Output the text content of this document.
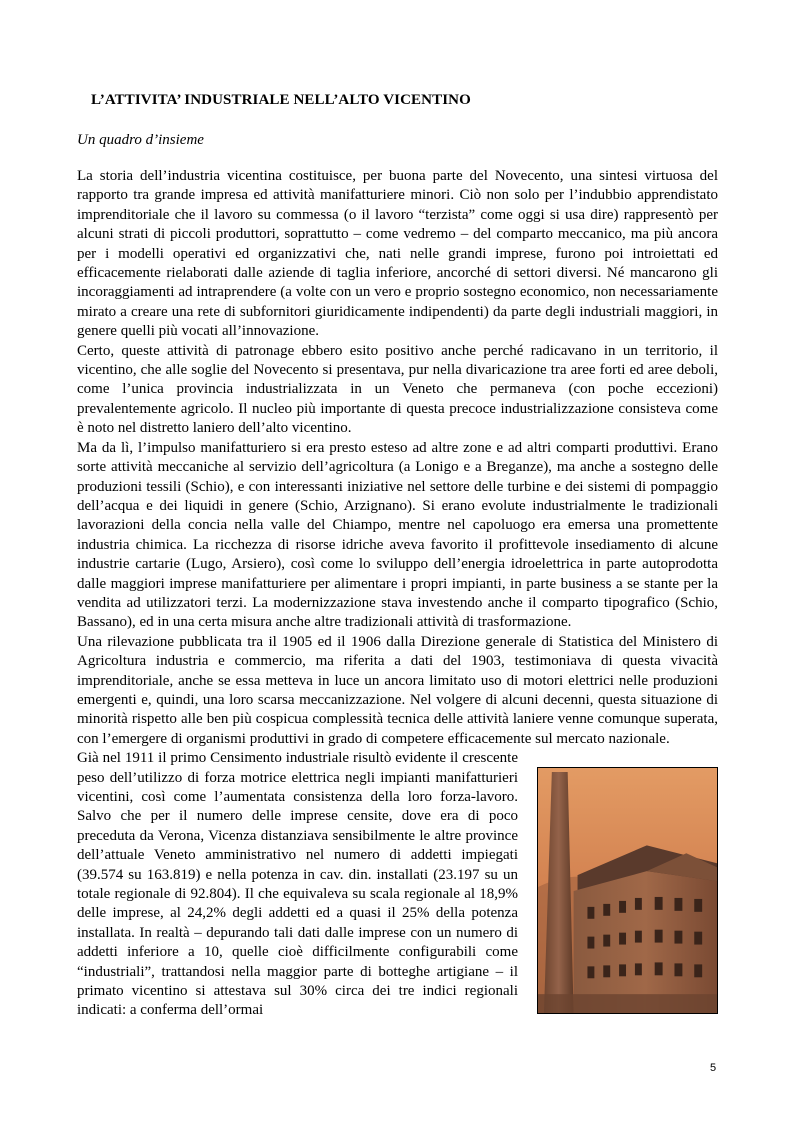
L’ATTIVITA’ INDUSTRIALE NELL’ALTO VICENTINO
Un quadro d’insieme

La storia dell’industria vicentina costituisce, per buona parte del Novecento, una sintesi virtuosa del rapporto tra grande impresa ed attività manifatturiere minori. Ciò non solo per l’indubbio apprendistato imprenditoriale che il lavoro su commessa (o il lavoro “terzista” come oggi si usa dire) rappresentò per alcuni strati di piccoli produttori, soprattutto – come vedremo – del comparto meccanico, ma più ancora per i modelli operativi ed organizzativi che, nati nelle grandi imprese, furono poi introiettati ed efficacemente rielaborati dalle aziende di taglia inferiore, ancorché di settori diversi. Né mancarono gli incoraggiamenti ad intraprendere (a volte con un vero e proprio sostegno economico, non necessariamente mirato a creare una rete di subfornitori giuridicamente indipendenti) da parte degli industriali maggiori, in genere quelli più vocati all’innovazione.

Certo, queste attività di patronage ebbero esito positivo anche perché radicavano in un territorio, il vicentino, che alle soglie del Novecento si presentava, pur nella divaricazione tra aree forti ed aree deboli, come l’unica provincia industrializzata in un Veneto che permaneva (con poche eccezioni) prevalentemente agricolo. Il nucleo più importante di questa precoce industrializzazione consisteva come è noto nel distretto laniero dell’alto vicentino.

Ma da lì, l’impulso manifatturiero si era presto esteso ad altre zone e ad altri comparti produttivi. Erano sorte attività meccaniche al servizio dell’agricoltura (a Lonigo e a Breganze), ma anche a sostegno delle produzioni tessili (Schio), e con interessanti iniziative nel settore delle turbine e dei sistemi di pompaggio dell’acqua e dei liquidi in genere (Schio, Arzignano). Si erano evolute industrialmente le tradizionali lavorazioni della concia nella valle del Chiampo, mentre nel capoluogo era emersa una promettente industria chimica. La ricchezza di risorse idriche aveva favorito il profittevole insediamento di alcune industrie cartarie (Lugo, Arsiero), così come lo sviluppo dell’energia idroelettrica in parte autoprodotta dalle maggiori imprese manifatturiere per alimentare i propri impianti, in parte business a se stante per la vendita ad utilizzatori terzi. La modernizzazione stava investendo anche il comparto tipografico (Schio, Bassano), ed in una certa misura anche altre tradizionali attività di trasformazione.

Una rilevazione pubblicata tra il 1905 ed il 1906 dalla Direzione generale di Statistica del Ministero di Agricoltura industria e commercio, ma riferita a dati del 1903, testimoniava di questa vivacità imprenditoriale, anche se essa metteva in luce un ancora limitato uso di motori elettrici nelle produzioni emergenti e, quindi, una loro scarsa meccanizzazione. Nel volgere di alcuni decenni, questa situazione di minorità rispetto alle ben più cospicua complessità tecnica delle attività laniere venne comunque superata, con l’emergere di organismi produttivi in grado di competere efficacemente sul mercato nazionale.

Già nel 1911 il primo Censimento industriale risultò evidente il crescente peso dell’utilizzo di forza motrice elettrica negli impianti manifatturieri vicentini, così come l’aumentata consistenza della loro forza-lavoro. Salvo che per il numero delle imprese censite, dove era di poco preceduta da Verona, Vicenza distanziava sensibilmente le altre province dell’attuale Veneto amministrativo nel numero di addetti impiegati (39.574 su 163.819) e nella potenza in cav. din. installati (23.197 su un totale regionale di 92.804). Il che equivaleva su scala regionale al 18,9% delle imprese, al 24,2% degli addetti ed a quasi il 25% della potenza installata. In realtà – depurando tali dati dalle imprese con un numero di addetti inferiore a 10, quelle cioè difficilmente configurabili come “industriali”, trattandosi nella maggior parte di botteghe artigiane – il primato vicentino si attestava sul 30% circa dei tre indici regionali indicati: a conferma dell’ormai

5
